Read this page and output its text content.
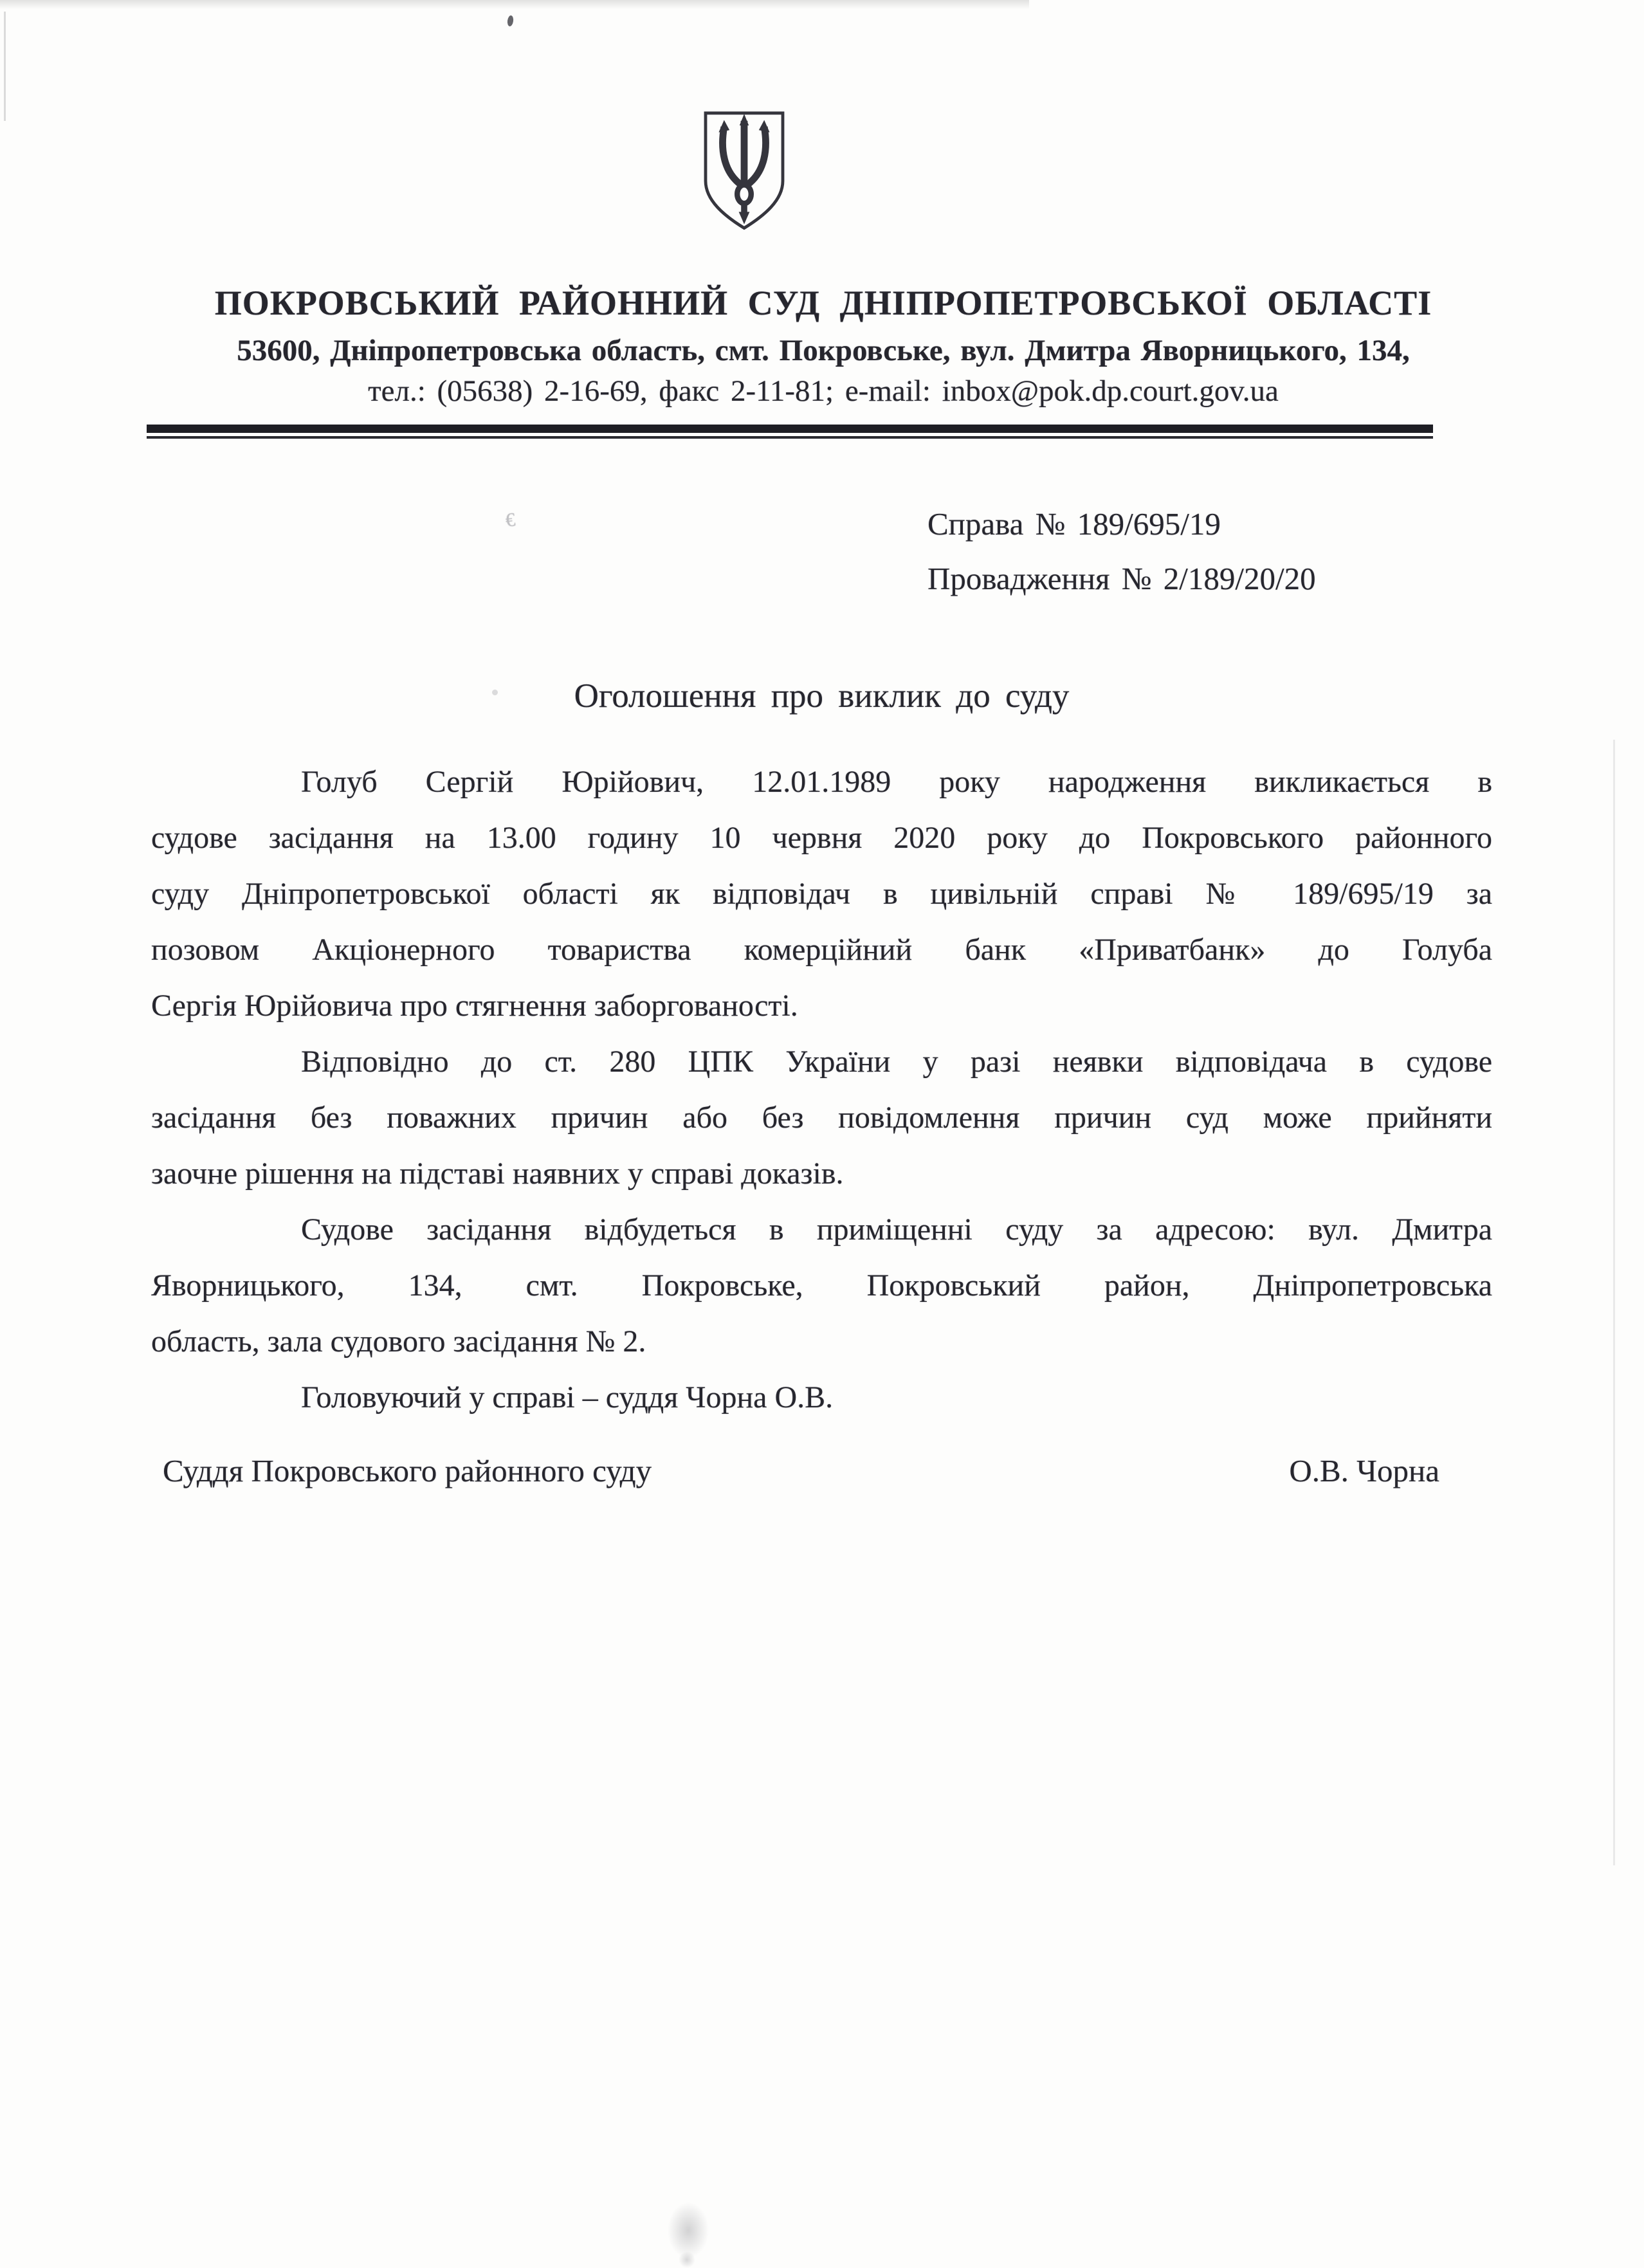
€
ПОКРОВСЬКИЙ РАЙОННИЙ СУД ДНІПРОПЕТРОВСЬКОЇ ОБЛАСТІ
53600, Дніпропетровська область, смт. Покровське, вул. Дмитра Яворницького, 134,
тел.: (05638) 2-16-69, факс 2-11-81; e-mail: inbox@pok.dp.court.gov.ua
Справа № 189/695/19
Провадження № 2/189/20/20
Оголошення про виклик до суду
Голуб Сергій Юрійович, 12.01.1989 року народження викликається в
судове засідання на 13.00 годину 10 червня 2020 року до Покровського районного
суду Дніпропетровської області як відповідач в цивільній справі № 189/695/19 за
позовом Акціонерного товариства комерційний банк «Приватбанк» до Голуба
Сергія Юрійовича про стягнення заборгованості.
Відповідно до ст. 280 ЦПК України у разі неявки відповідача в судове
засідання без поважних причин або без повідомлення причин суд може прийняти
заочне рішення на підставі наявних у справі доказів.
Судове засідання відбудеться в приміщенні суду за адресою: вул. Дмитра
Яворницького, 134, смт. Покровське, Покровський район, Дніпропетровська
область, зала судового засідання № 2.
Головуючий у справі – суддя Чорна О.В.
Суддя Покровського районного суду	О.В. Чорна
